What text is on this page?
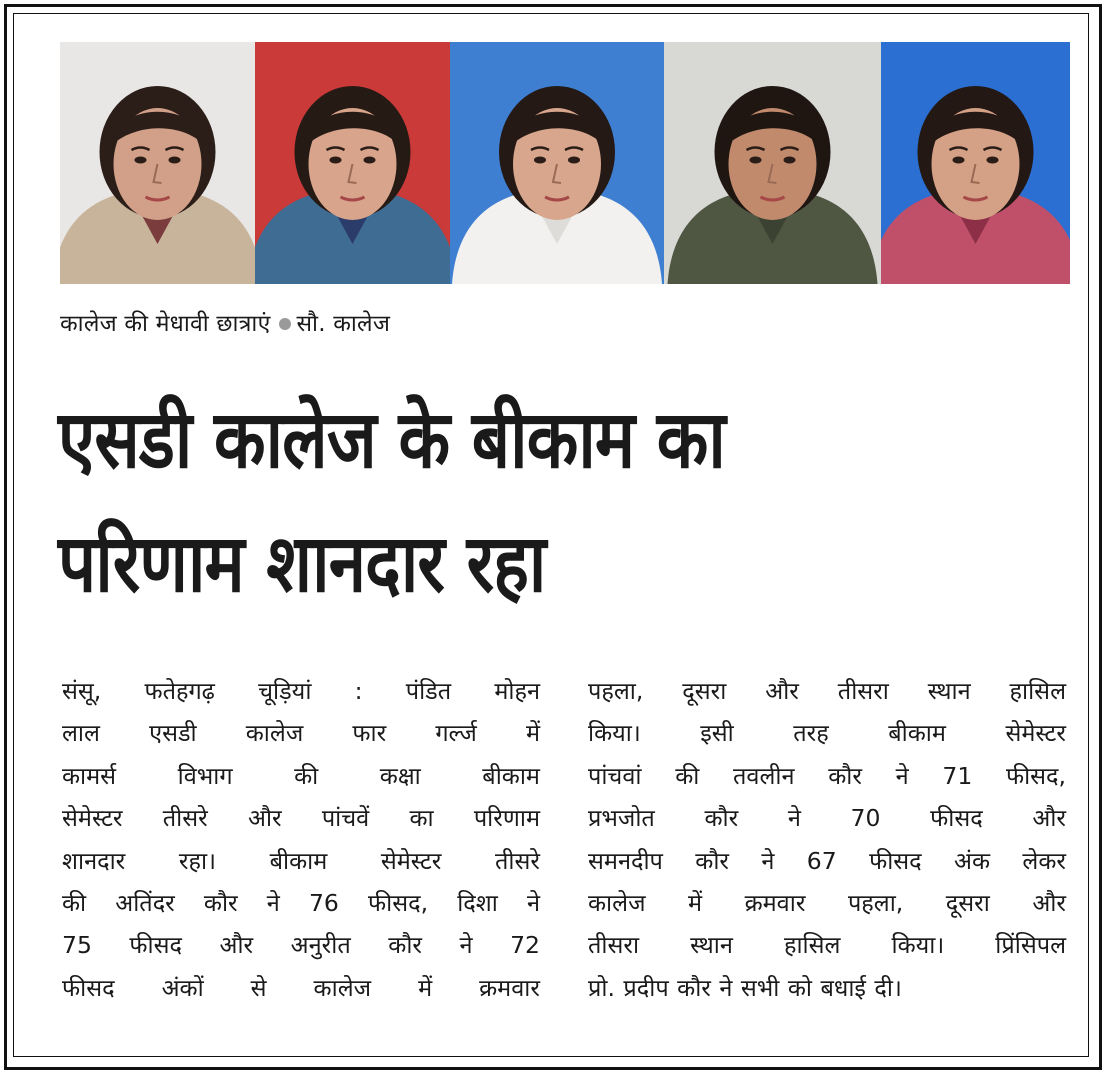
कालेज की मेधावी छात्राएं सौ. कालेज
एसडी कालेज के बीकाम का
परिणाम शानदार रहा
संसू, फतेहगढ़ चूड़ियां : पंडित मोहन
लाल एसडी कालेज फार गर्ल्ज में
कामर्स विभाग की कक्षा बीकाम
सेमेस्टर तीसरे और पांचवें का परिणाम
शानदार रहा। बीकाम सेमेस्टर तीसरे
की अतिंदर कौर ने 76 फीसद, दिशा ने
75 फीसद और अनुरीत कौर ने 72
फीसद अंकों से कालेज में क्रमवार
पहला, दूसरा और तीसरा स्थान हासिल
किया। इसी तरह बीकाम सेमेस्टर
पांचवां की तवलीन कौर ने 71 फीसद,
प्रभजोत कौर ने 70 फीसद और
समनदीप कौर ने 67 फीसद अंक लेकर
कालेज में क्रमवार पहला, दूसरा और
तीसरा स्थान हासिल किया। प्रिंसिपल
प्रो. प्रदीप कौर ने सभी को बधाई दी।
